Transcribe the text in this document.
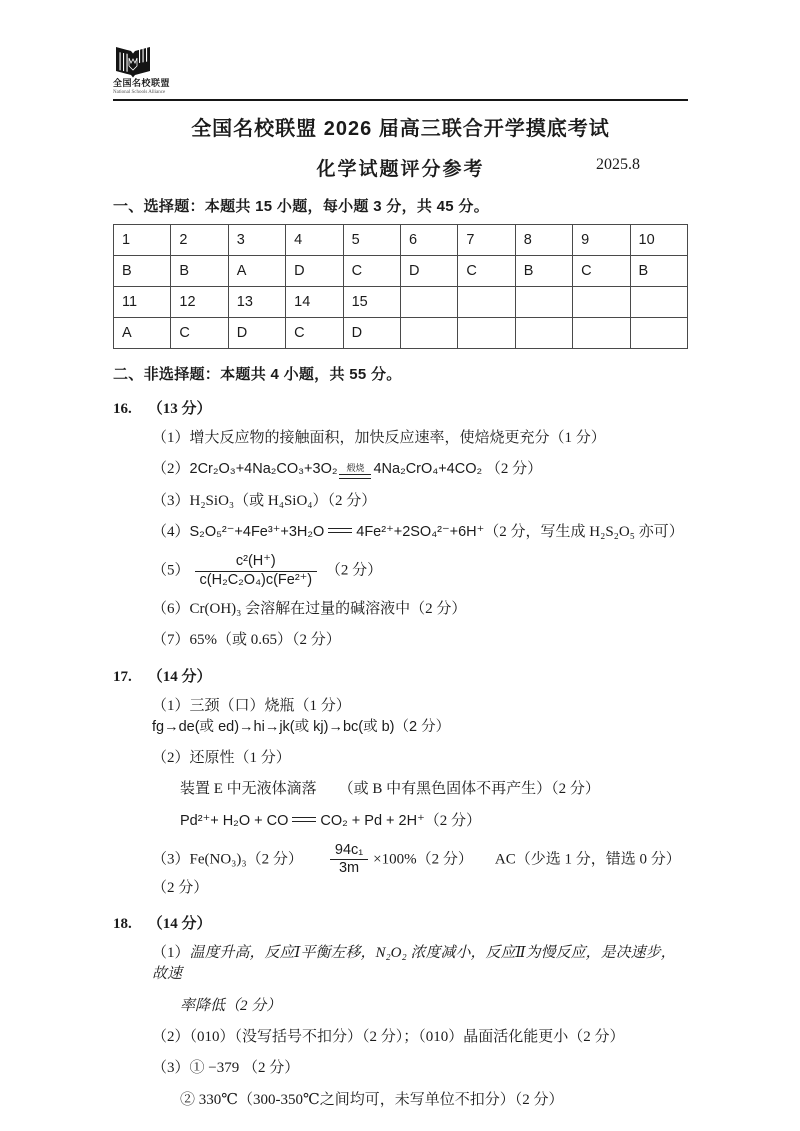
全国名校联盟
National Schools Alliance
全国名校联盟 2026 届高三联合开学摸底考试
化学试题评分参考	2025.8
一、选择题：本题共 15 小题，每小题 3 分，共 45 分。
1	2	3	4	5	6	7	8	9	10
B	B	A	D	C	D	C	B	C	B
11	12	13	14	15					
A	C	D	C	D					
二、非选择题：本题共 4 小题，共 55 分。
16. （13 分）
（1）增大反应物的接触面积，加快反应速率，使焙烧更充分（1 分）
（2）2Cr₂O₃+4Na₂CO₃+3O₂ 煅烧 4Na₂CrO₄+4CO₂ （2 分）
（3）H₂SiO₃（或 H₄SiO₄）（2 分）
（4）S₂O₅²⁻+4Fe³⁺+3H₂O 4Fe²⁺+2SO₄²⁻+6H⁺（2 分，写生成 H₂S₂O₅ 亦可）
$(5) \frac{\text{c²(H⁺)}}{\text{c(H₂C₂O₄)c(Fe²⁺)}} (2$ 分）
（6）Cr(OH)₃ 会溶解在过量的碱溶液中（2 分）
（7）65%（或 0.65）（2 分）
17. （14 分）
（1）三颈（口）烧瓶（1 分）fg→de(或 ed)→hi→jk(或 kj)→bc(或 b)（2 分）
（2）还原性（1 分）
装置 E 中无液体滴落 （或 B 中有黑色固体不再产生）（2 分）
Pd²⁺+ H₂O + CO CO₂ + Pd + 2H⁺（2 分）
（3）Fe(NO₃)₃（2 分） $\frac{\text{94c₁}}{3m} \times 100\%(2$ 分） AC（少选 1 分，错选 0 分）（2 分）
18. （14 分）
（1）温度升高，反应Ⅰ平衡左移，N₂O₂ 浓度减小，反应Ⅱ为慢反应，是决速步，故速
率降低（2 分）
（2）（010）（没写括号不扣分）（2 分）；（010）晶面活化能更小（2 分）
（3）① −379 （2 分）
② 330℃（300-350℃之间均可，未写单位不扣分）（2 分）
